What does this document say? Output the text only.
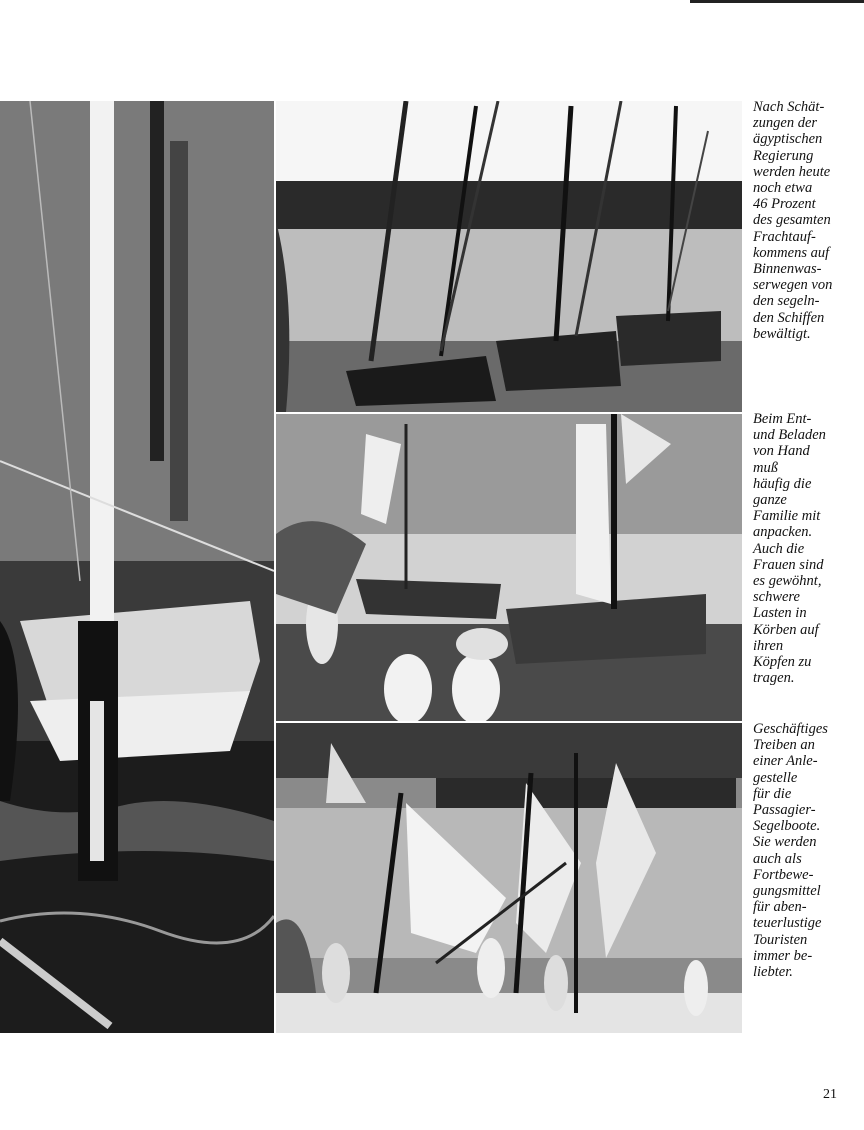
Nach Schät-
zungen der
ägyptischen
Regierung
werden heute
noch etwa
46 Prozent
des gesamten
Frachtauf-
kommens auf
Binnenwas-
serwegen von
den segeln-
den Schiffen
bewältigt.
Beim Ent-
und Beladen
von Hand
muß
häufig die
ganze
Familie mit
anpacken.
Auch die
Frauen sind
es gewöhnt,
schwere
Lasten in
Körben auf
ihren
Köpfen zu
tragen.
Geschäftiges
Treiben an
einer Anle-
gestelle
für die
Passagier-
Segelboote.
Sie werden
auch als
Fortbewe-
gungsmittel
für aben-
teuerlustige
Touristen
immer be-
liebter.
21
